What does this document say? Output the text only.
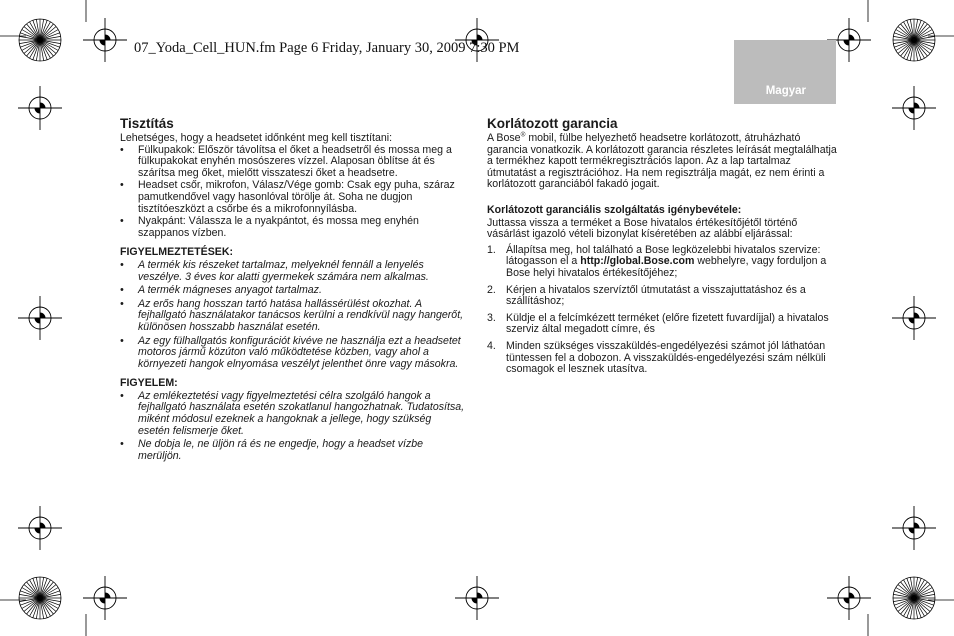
07_Yoda_Cell_HUN.fm Page 6 Friday, January 30, 2009 7:30 PM
Magyar
Tisztítás

Lehetséges, hogy a headsetet időnként meg kell tisztítani:

• Fülkupakok: Először távolítsa el őket a headsetről és mossa meg a fülkupakokat enyhén mosószeres vízzel. Alaposan öblítse át és szárítsa meg őket, mielőtt visszateszi őket a headsetre.
• Headset csőr, mikrofon, Válasz/Vége gomb: Csak egy puha, száraz pamutkendővel vagy hasonlóval törölje át. Soha ne dugjon tisztítóeszközt a csőrbe és a mikrofonnyílásba.
• Nyakpánt: Válassza le a nyakpántot, és mossa meg enyhén szappanos vízben.

FIGYELMEZTETÉSEK:

• A termék kis részeket tartalmaz, melyeknél fennáll a lenyelés veszélye. 3 éves kor alatti gyermekek számára nem alkalmas.
• A termék mágneses anyagot tartalmaz.
• Az erős hang hosszan tartó hatása hallássérülést okozhat. A fejhallgató használatakor tanácsos kerülni a rendkívül nagy hangerőt, különösen hosszabb használat esetén.
• Az egy fülhallgatós konfigurációt kivéve ne használja ezt a headsetet motoros jármű közúton való működtetése közben, vagy ahol a környezeti hangok elnyomása veszélyt jelenthet önre vagy másokra.

FIGYELEM:

• Az emlékeztetési vagy figyelmeztetési célra szolgáló hangok a fejhallgató használata esetén szokatlanul hangozhatnak. Tudatosítsa, miként módosul ezeknek a hangoknak a jellege, hogy szükség esetén felismerje őket.
• Ne dobja le, ne üljön rá és ne engedje, hogy a headset vízbe merüljön.
Korlátozott garancia

A Bose® mobil, fülbe helyezhető headsetre korlátozott, átruházható garancia vonatkozik. A korlátozott garancia részletes leírását megtalálhatja a termékhez kapott termékregisztrációs lapon. Az a lap tartalmaz útmutatást a regisztrációhoz. Ha nem regisztrálja magát, ez nem érinti a korlátozott garanciából fakadó jogait.

Korlátozott garanciális szolgáltatás igénybevétele:

Juttassa vissza a terméket a Bose hivatalos értékesítőjétől történő vásárlást igazoló vételi bizonylat kíséretében az alábbi eljárással:

1. Állapítsa meg, hol található a Bose legközelebbi hivatalos szervize: látogasson el a http://global.Bose.com webhelyre, vagy forduljon a Bose helyi hivatalos értékesítőjéhez;
2. Kérjen a hivatalos szervíztől útmutatást a visszajuttatáshoz és a szállításhoz;
3. Küldje el a felcímkézett terméket (előre fizetett fuvardíjjal) a hivatalos szerviz által megadott címre, és
4. Minden szükséges visszaküldés-engedélyezési számot jól láthatóan tüntessen fel a dobozon. A visszaküldés-engedélyezési szám nélküli csomagok el lesznek utasítva.
